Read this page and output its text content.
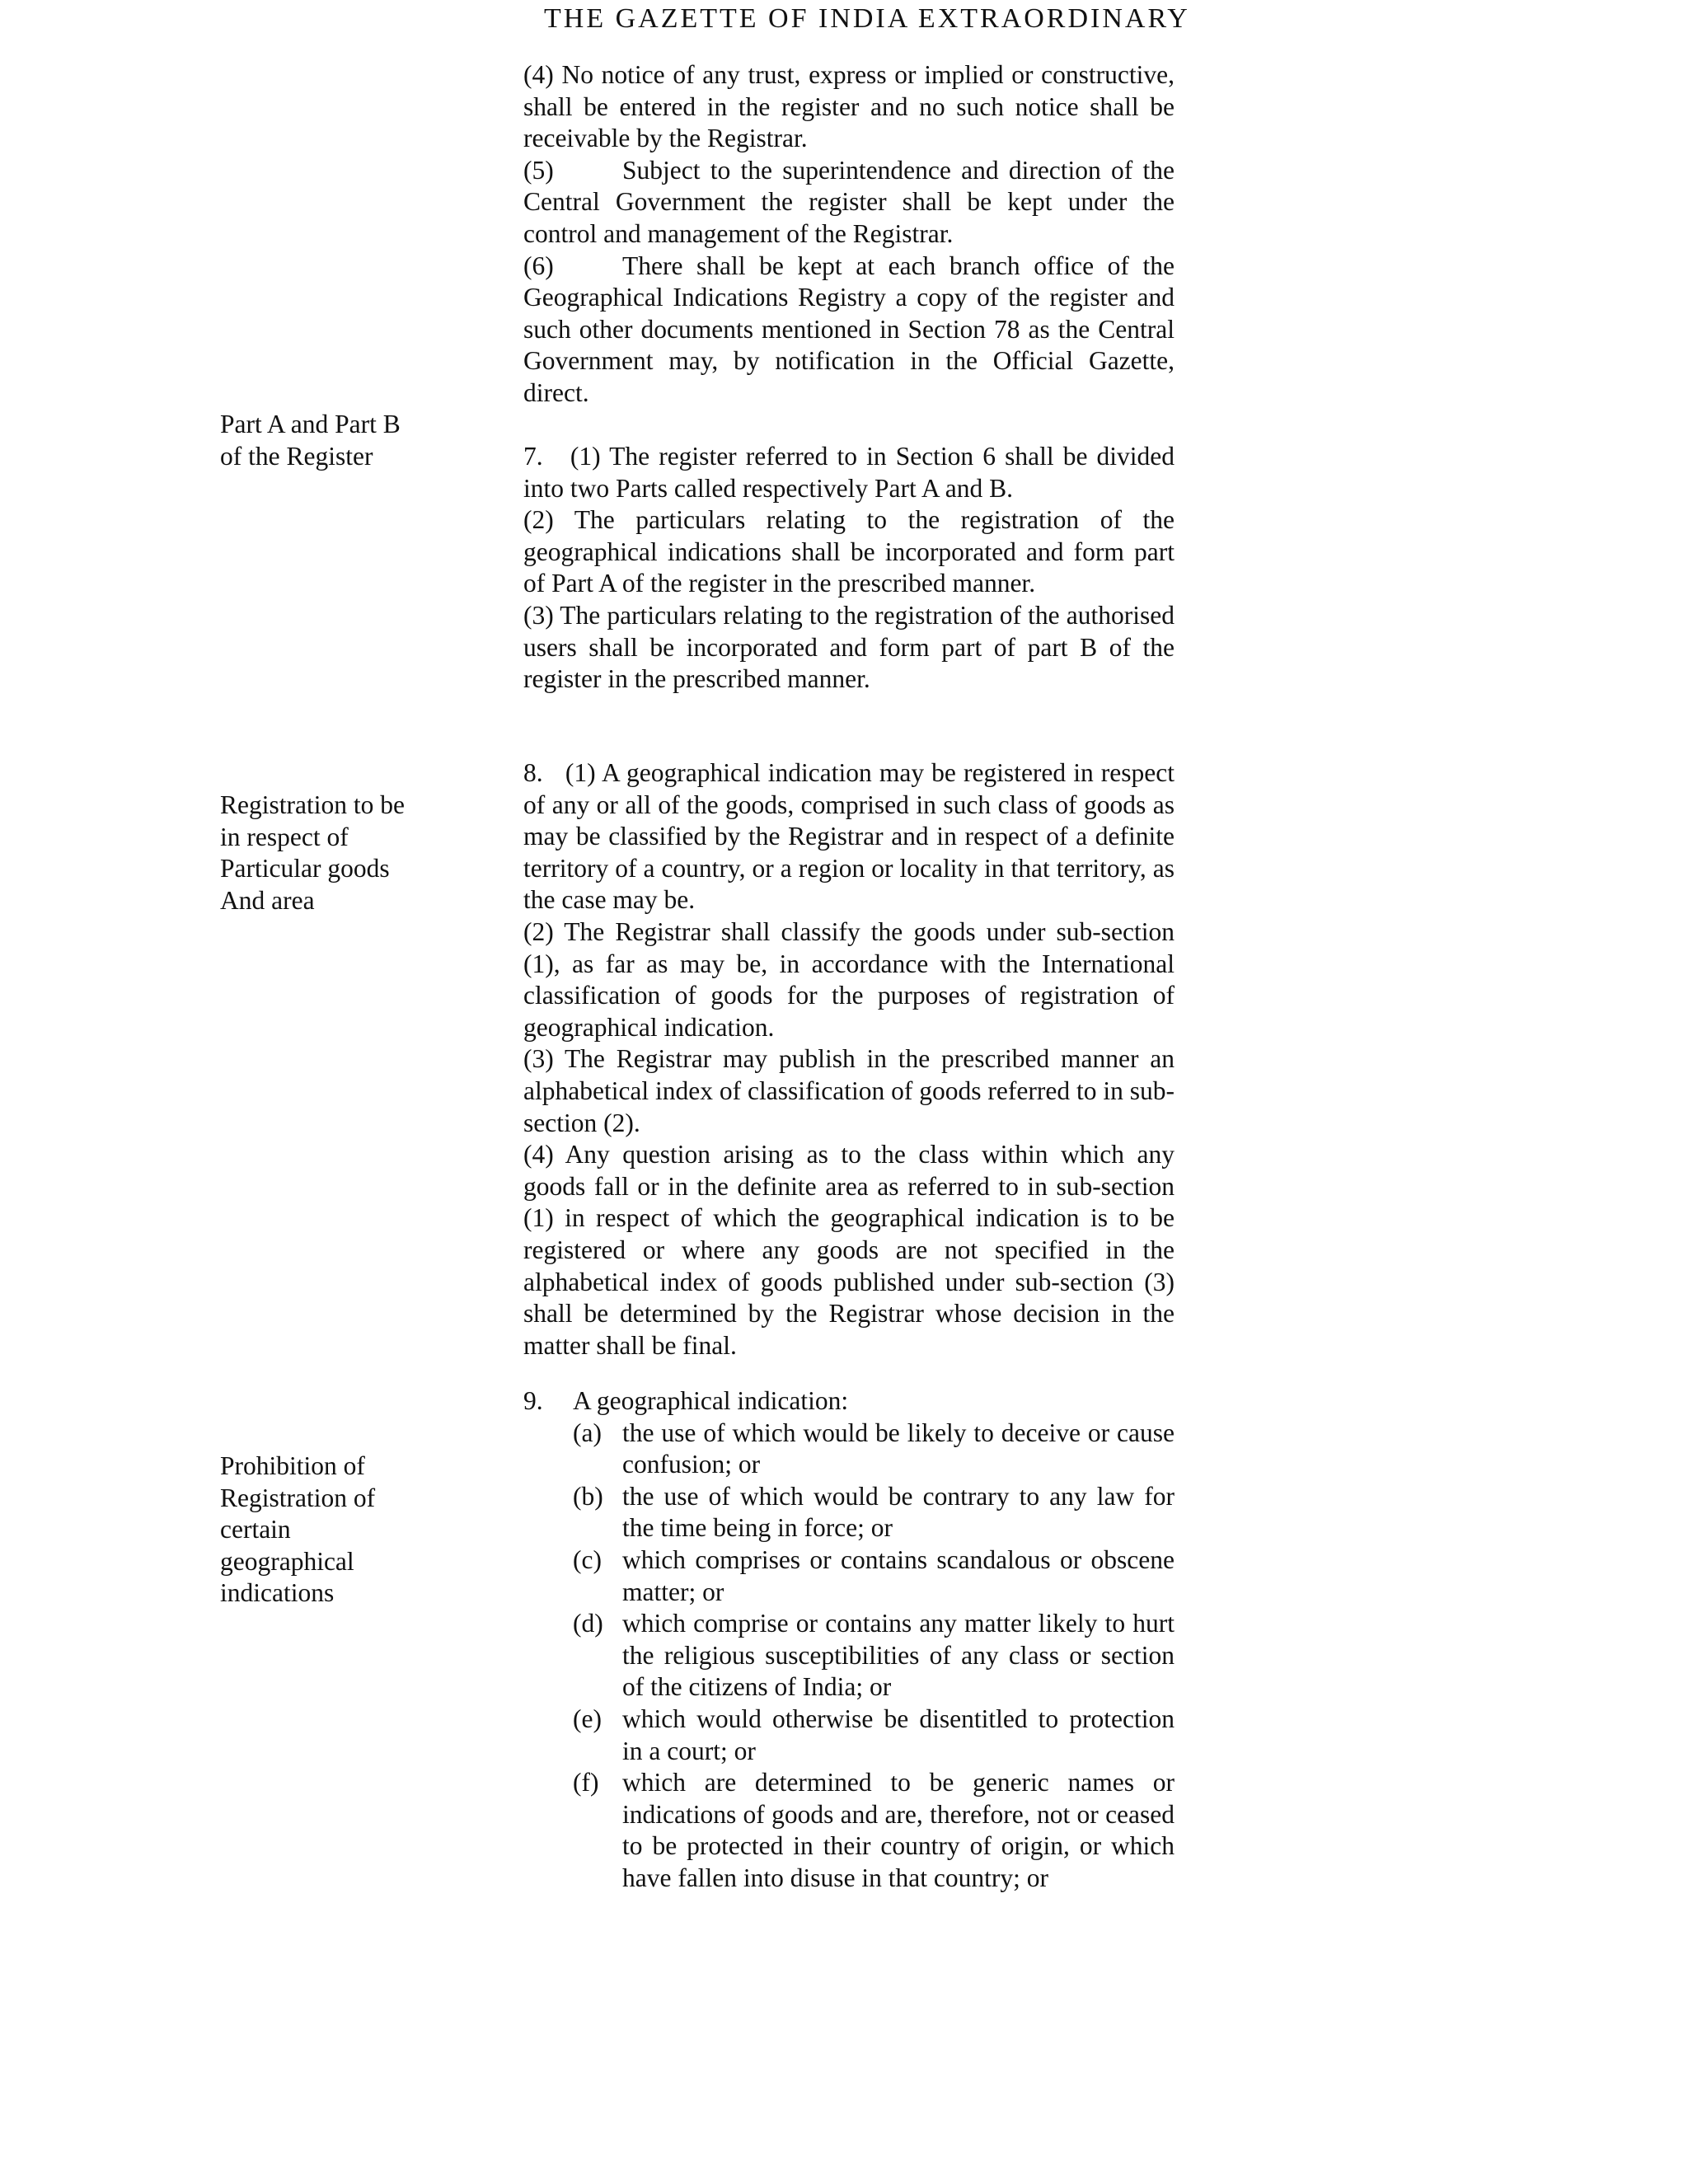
THE GAZETTE OF INDIA EXTRAORDINARY

(4) No notice of any trust, express or implied or constructive, shall be entered in the register and no such notice shall be receivable by the Registrar.

(5)	Subject to the superintendence and direction of the Central Government the register shall be kept under the control and management of the Registrar.

(6)	There shall be kept at each branch office of the Geographical Indications Registry a copy of the register and such other documents mentioned in Section 78 as the Central Government may, by notification in the Official Gazette, direct.

Part A and Part B
of the Register	7.   (1) The register referred to in Section 6 shall be divided into two Parts called respectively Part A and B.

(2) The particulars relating to the registration of the geographical indications shall be incorporated and form part of Part A of the register in the prescribed manner.

(3) The particulars relating to the registration of the authorised users shall be incorporated and form part of part B of the register in the prescribed manner.

Registration to be
in respect of
Particular goods
And area

8.   (1) A geographical indication may be registered in respect of any or all of the goods, comprised in such class of goods as may be classified by the Registrar and in respect of a definite territory of a country, or a region or locality in that territory, as the case may be.

(2) The Registrar shall classify the goods under sub-section (1), as far as may be, in accordance with the International classification of goods for the purposes of registration of geographical indication.

(3) The Registrar may publish in the prescribed manner an alphabetical index of classification of goods referred to in sub-section (2).

(4) Any question arising as to the class within which any goods fall or in the definite area as referred to in sub-section (1) in respect of which the geographical indication is to be registered or where any goods are not specified in the alphabetical index of goods published under sub-section (3) shall be determined by the Registrar whose decision in the matter shall be final.

Prohibition of
Registration of
certain
geographical
indications
9.	A geographical indication:
(a) the use of which would be likely to deceive or cause confusion; or
(b) the use of which would be contrary to any law for the time being in force; or
(c) which comprises or contains scandalous or obscene matter; or
(d) which comprise or contains any matter likely to hurt the religious susceptibilities of any class or section of the citizens of India; or
(e) which would otherwise be disentitled to protection in a court; or
(f) which are determined to be generic names or indications of goods and are, therefore, not or ceased to be protected in their country of origin, or which have fallen into disuse in that country; or
